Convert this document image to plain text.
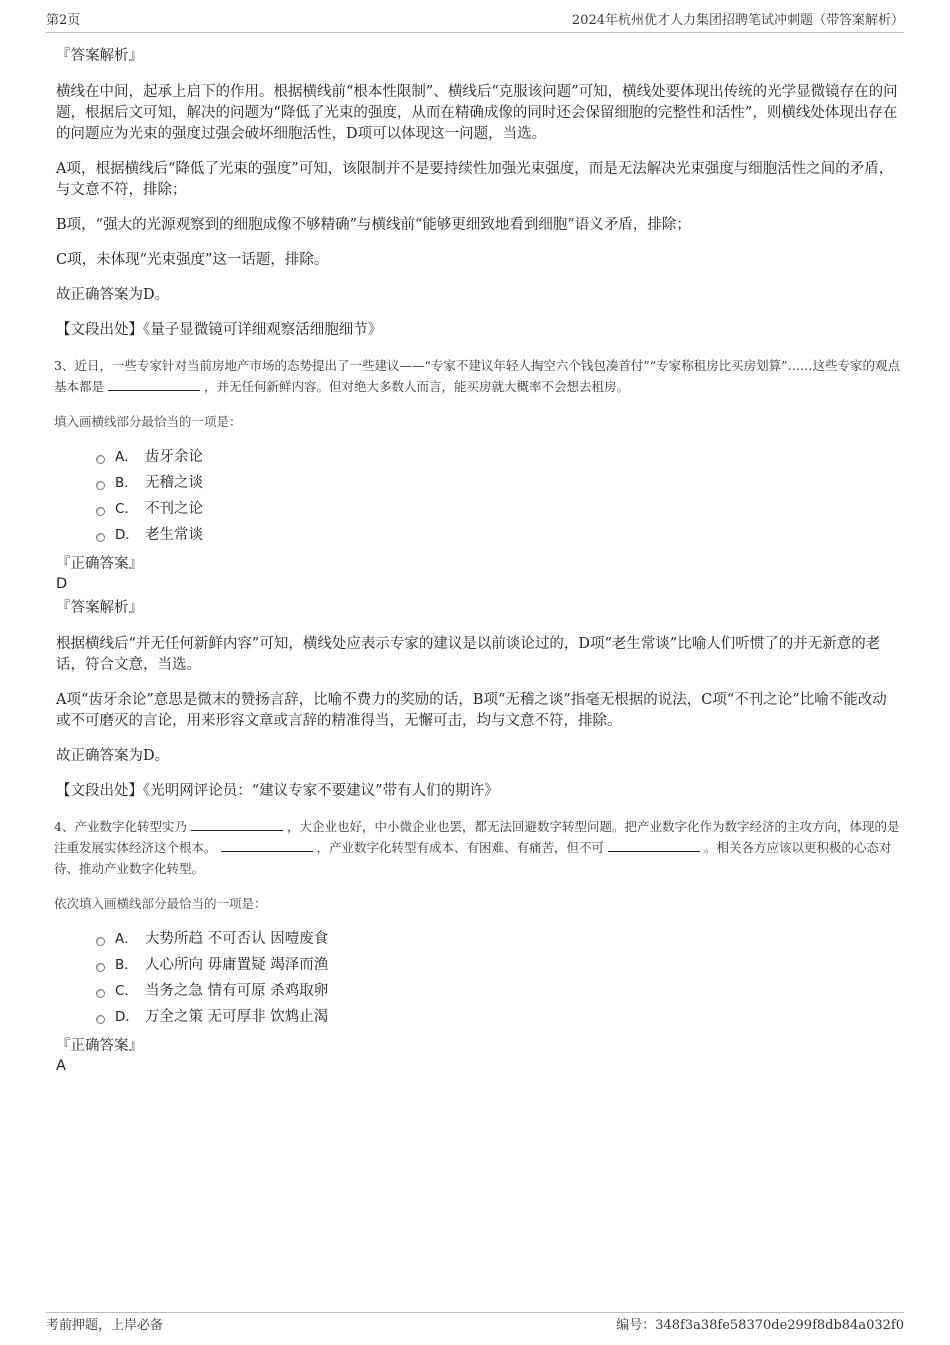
第2页	2024年杭州优才人力集团招聘笔试冲刺题（带答案解析）
『答案解析』

横线在中间，起承上启下的作用。根据横线前“根本性限制”、横线后“克服该问题”可知，横线处要体现出传统的光学显微镜存在的问题，根据后文可知，解决的问题为“降低了光束的强度，从而在精确成像的同时还会保留细胞的完整性和活性”，则横线处体现出存在的问题应为光束的强度过强会破坏细胞活性，D项可以体现这一问题，当选。

A项，根据横线后“降低了光束的强度”可知，该限制并不是要持续性加强光束强度，而是无法解决光束强度与细胞活性之间的矛盾，与文意不符，排除；

B项，“强大的光源观察到的细胞成像不够精确”与横线前“能够更细致地看到细胞”语义矛盾，排除；

C项，未体现“光束强度”这一话题，排除。

故正确答案为D。

【文段出处】《量子显微镜可详细观察活细胞细节》

3、近日，一些专家针对当前房地产市场的态势提出了一些建议——“专家不建议年轻人掏空六个钱包凑首付”“专家称租房比买房划算”……这些专家的观点基本都是	，并无任何新鲜内容。但对绝大多数人而言，能买房就大概率不会想去租房。

填入画横线部分最恰当的一项是：

A． 齿牙余论
B． 无稽之谈
C． 不刊之论
D． 老生常谈
『正确答案』
D
『答案解析』

根据横线后“并无任何新鲜内容”可知，横线处应表示专家的建议是以前谈论过的，D项“老生常谈”比喻人们听惯了的并无新意的老话，符合文意，当选。

A项“齿牙余论”意思是微末的赞扬言辞，比喻不费力的奖励的话，B项“无稽之谈”指毫无根据的说法，C项“不刊之论”比喻不能改动或不可磨灭的言论，用来形容文章或言辞的精准得当，无懈可击，均与文意不符，排除。

故正确答案为D。

【文段出处】《光明网评论员：“建议专家不要建议”带有人们的期许》

4、产业数字化转型实乃	，大企业也好，中小微企业也罢，都无法回避数字转型问题。把产业数字化作为数字经济的主攻方向，体现的是注重发展实体经济这个根本。	，产业数字化转型有成本、有困难、有痛苦，但不可	。相关各方应该以更积极的心态对待、推动产业数字化转型。

依次填入画横线部分最恰当的一项是：

A． 大势所趋 不可否认 因噎废食
B． 人心所向 毋庸置疑 竭泽而渔
C． 当务之急 情有可原 杀鸡取卵
D． 万全之策 无可厚非 饮鸩止渴
『正确答案』
A
考前押题，上岸必备	编号：348f3a38fe58370de299f8db84a032f0
